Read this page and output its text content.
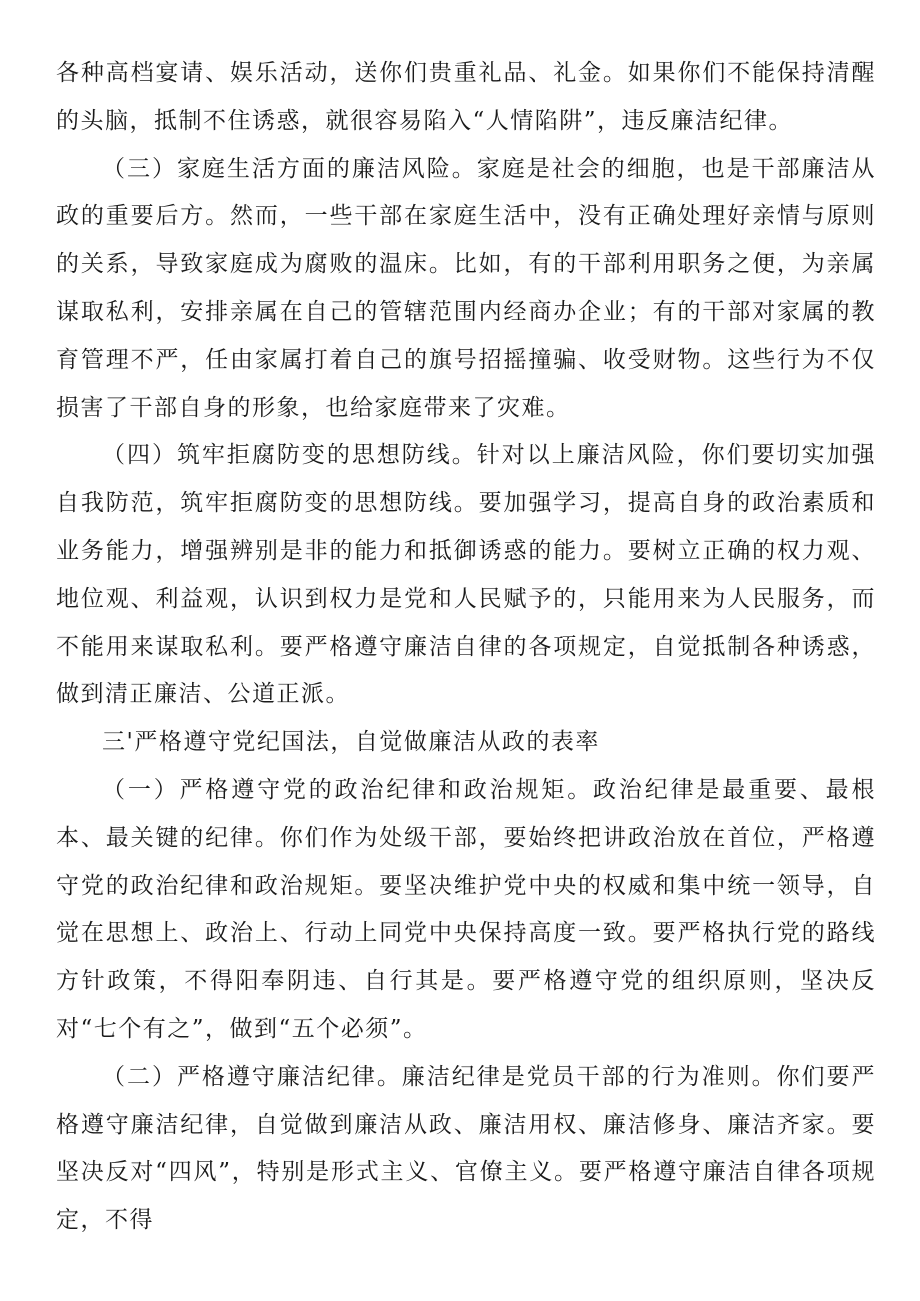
各种高档宴请、娱乐活动，送你们贵重礼品、礼金。如果你们不能保持清醒的头脑，抵制不住诱惑，就很容易陷入“人情陷阱”，违反廉洁纪律。

（三）家庭生活方面的廉洁风险。家庭是社会的细胞，也是干部廉洁从政的重要后方。然而，一些干部在家庭生活中，没有正确处理好亲情与原则的关系，导致家庭成为腐败的温床。比如，有的干部利用职务之便，为亲属谋取私利，安排亲属在自己的管辖范围内经商办企业；有的干部对家属的教育管理不严，任由家属打着自己的旗号招摇撞骗、收受财物。这些行为不仅损害了干部自身的形象，也给家庭带来了灾难。

（四）筑牢拒腐防变的思想防线。针对以上廉洁风险，你们要切实加强自我防范，筑牢拒腐防变的思想防线。要加强学习，提高自身的政治素质和业务能力，增强辨别是非的能力和抵御诱惑的能力。要树立正确的权力观、地位观、利益观，认识到权力是党和人民赋予的，只能用来为人民服务，而不能用来谋取私利。要严格遵守廉洁自律的各项规定，自觉抵制各种诱惑，做到清正廉洁、公道正派。

三'严格遵守党纪国法，自觉做廉洁从政的表率

（一）严格遵守党的政治纪律和政治规矩。政治纪律是最重要、最根本、最关键的纪律。你们作为处级干部，要始终把讲政治放在首位，严格遵守党的政治纪律和政治规矩。要坚决维护党中央的权威和集中统一领导，自觉在思想上、政治上、行动上同党中央保持高度一致。要严格执行党的路线方针政策，不得阳奉阴违、自行其是。要严格遵守党的组织原则，坚决反对“七个有之”，做到“五个必须”。

（二）严格遵守廉洁纪律。廉洁纪律是党员干部的行为准则。你们要严格遵守廉洁纪律，自觉做到廉洁从政、廉洁用权、廉洁修身、廉洁齐家。要坚决反对“四风”，特别是形式主义、官僚主义。要严格遵守廉洁自律各项规定，不得
